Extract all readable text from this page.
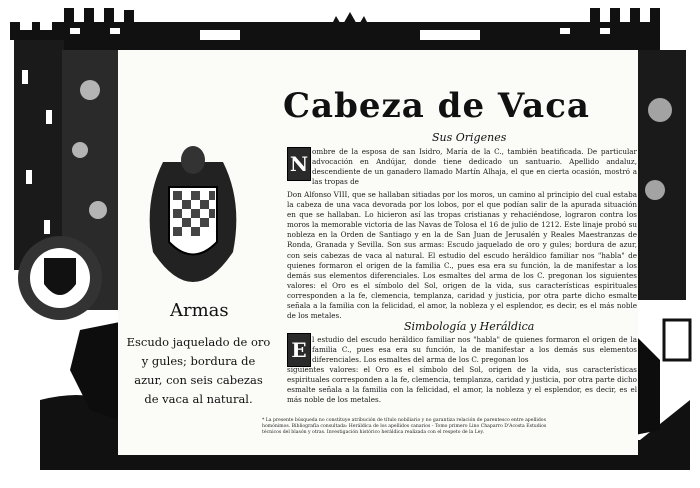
Cabeza de Vaca
Sus Origenes
N
ombre de la esposa de san Isidro, María de la C., también beatificada. De particular advocación en Andújar, donde tiene dedicado un santuario. Apellido andaluz, descendiente de un ganadero llamado Martín Alhaja, el que en cierta ocasión, mostró a las tropas de
Don Alfonso VIII, que se hallaban sitiadas por los moros, un camino al principio del cual estaba la cabeza de una vaca devorada por los lobos, por el que podían salir de la apurada situación en que se hallaban. Lo hicieron así las tropas cristianas y rehaciéndose, lograron contra los moros la memorable victoria de las Navas de Tolosa el 16 de julio de 1212. Este linaje probó su nobleza en la Orden de Santiago y en la de San Juan de Jerusalén y Reales Maestranzas de Ronda, Granada y Sevilla. Son sus armas: Escudo jaquelado de oro y gules; bordura de azur, con seis cabezas de vaca al natural. El estudio del escudo heráldico familiar nos "habla" de quienes formaron el origen de la familia C., pues esa era su función, la de manifestar a los demás sus elementos diferenciales. Los esmaltes del arma de los C. pregonan los siguientes valores: el Oro es el símbolo del Sol, origen de la vida, sus características espirituales corresponden a la fe, clemencia, templanza, caridad y justicia, por otra parte dicho esmalte señala a la familia con la felicidad, el amor, la nobleza y el esplendor, es decir, es el más noble de los metales.
Simbología y Heráldica
E l estudio del escudo heráldico familiar nos "habla" de quienes formaron el origen de la familia C., pues esa era su función, la de manifestar a los demás sus elementos diferenciales. Los esmaltes del arma de los C. pregonan los
siguientes valores: el Oro es el símbolo del Sol, origen de la vida, sus características espirituales corresponden a la fe, clemencia, templanza, caridad y justicia, por otra parte dicho esmalte señala a la familia con la felicidad, el amor, la nobleza y el esplendor, es decir, es el más noble de los metales.
Armas
Escudo jaquelado de oro y gules; bordura de azur, con seis cabezas de vaca al natural.
* La presente búsqueda no constituye atribución de título nobiliario y no garantiza relación de parentesco entre apellidos homónimos. Bibliografía consultada: Heráldica de los apellidos canarios - Tomo primero Lino Chaparro D'Acosta Estudios técnicos del blasón y otras. Investigación histórico heráldica realizada con el respeto de la Ley.
